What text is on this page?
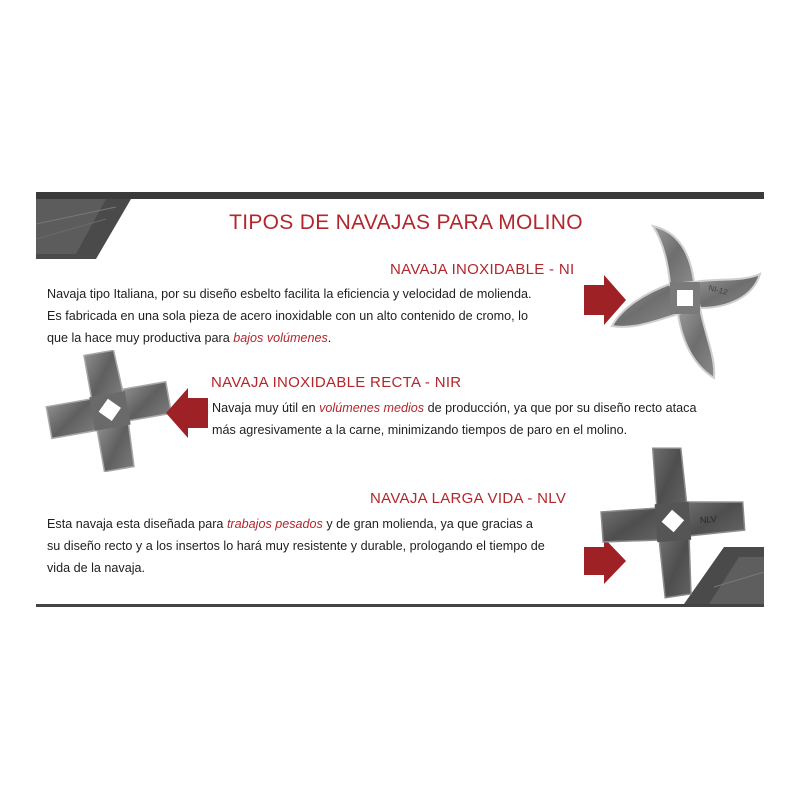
TIPOS DE NAVAJAS PARA MOLINO
NAVAJA INOXIDABLE - NI
Navaja tipo Italiana, por su diseño esbelto facilita la eficiencia y velocidad de molienda.
Es fabricada en una sola pieza de acero inoxidable con un alto contenido de cromo, lo
que la hace muy productiva para bajos volúmenes.
NI-12
NAVAJA INOXIDABLE RECTA - NIR
Navaja muy útil en volúmenes medios de producción, ya que por su diseño recto ataca
más agresivamente a la carne, minimizando tiempos de paro en el molino.
NAVAJA LARGA VIDA - NLV
Esta navaja esta diseñada para trabajos pesados y de gran molienda, ya que gracias a
su diseño recto y a los insertos lo hará muy resistente y durable, prologando el tiempo de
vida de la navaja.
NLV
